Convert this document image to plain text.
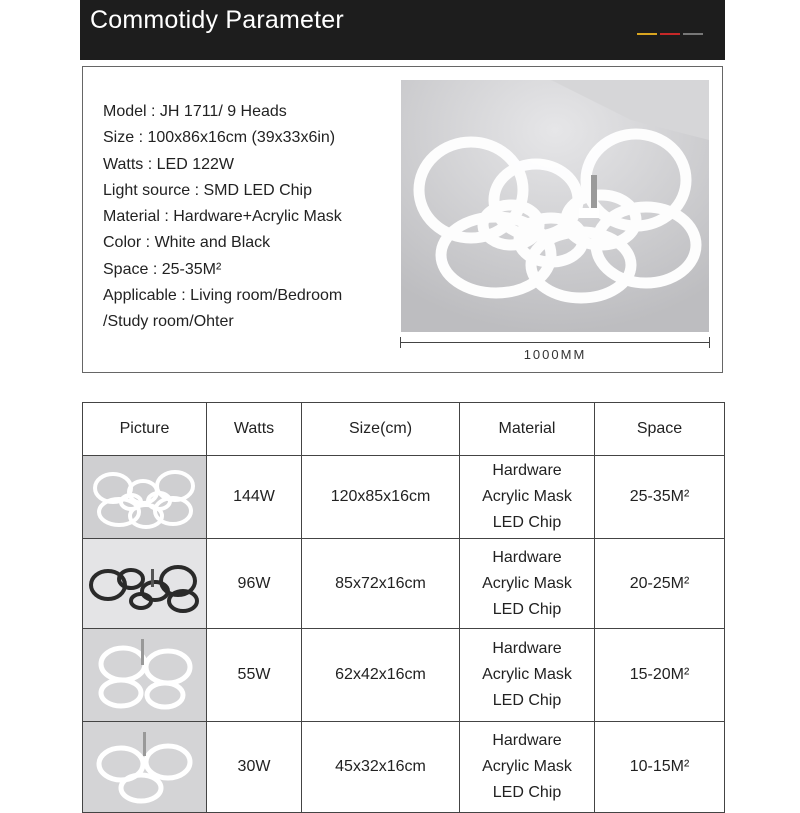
Commotidy Parameter
Model : JH 1711/ 9 Heads
Size : 100x86x16cm (39x33x6in)
Watts : LED 122W
Light source : SMD LED Chip
Material : Hardware+Acrylic Mask
Color : White and Black
Space : 25-35M²
Applicable : Living room/Bedroom
/Study room/Ohter
1000MM
Picture	Watts	Size(cm)	Material	Space

	144W	120x85x16cm	Hardware
Acrylic Mask
LED Chip	25-35M²

	96W	85x72x16cm	Hardware
Acrylic Mask
LED Chip	20-25M²

	55W	62x42x16cm	Hardware
Acrylic Mask
LED Chip	15-20M²

	30W	45x32x16cm	Hardware
Acrylic Mask
LED Chip	10-15M²
